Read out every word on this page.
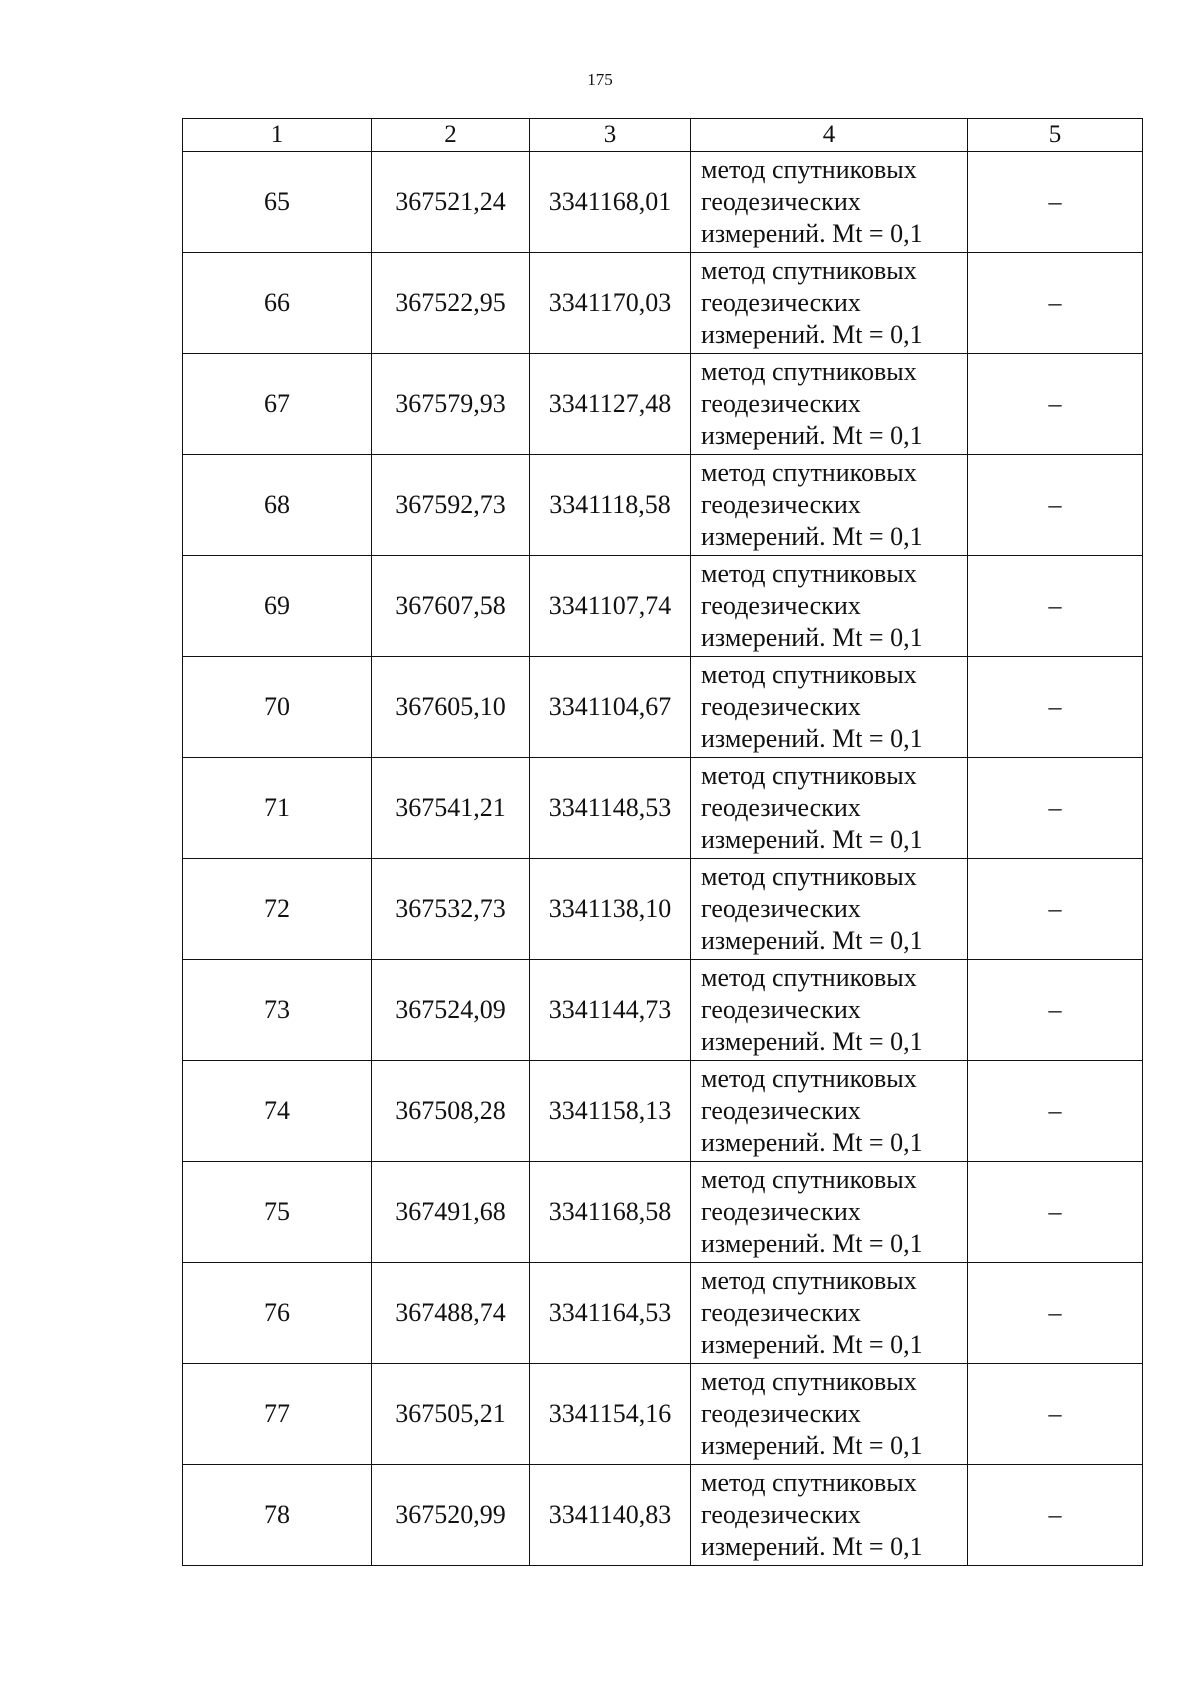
175
1	2	3	4	5
65	367521,24	3341168,01	метод спутниковых
геодезических
измерений. Mt = 0,1	–
66	367522,95	3341170,03	метод спутниковых
геодезических
измерений. Mt = 0,1	–
67	367579,93	3341127,48	метод спутниковых
геодезических
измерений. Mt = 0,1	–
68	367592,73	3341118,58	метод спутниковых
геодезических
измерений. Mt = 0,1	–
69	367607,58	3341107,74	метод спутниковых
геодезических
измерений. Mt = 0,1	–
70	367605,10	3341104,67	метод спутниковых
геодезических
измерений. Mt = 0,1	–
71	367541,21	3341148,53	метод спутниковых
геодезических
измерений. Mt = 0,1	–
72	367532,73	3341138,10	метод спутниковых
геодезических
измерений. Mt = 0,1	–
73	367524,09	3341144,73	метод спутниковых
геодезических
измерений. Mt = 0,1	–
74	367508,28	3341158,13	метод спутниковых
геодезических
измерений. Mt = 0,1	–
75	367491,68	3341168,58	метод спутниковых
геодезических
измерений. Mt = 0,1	–
76	367488,74	3341164,53	метод спутниковых
геодезических
измерений. Mt = 0,1	–
77	367505,21	3341154,16	метод спутниковых
геодезических
измерений. Mt = 0,1	–
78	367520,99	3341140,83	метод спутниковых
геодезических
измерений. Mt = 0,1	–
